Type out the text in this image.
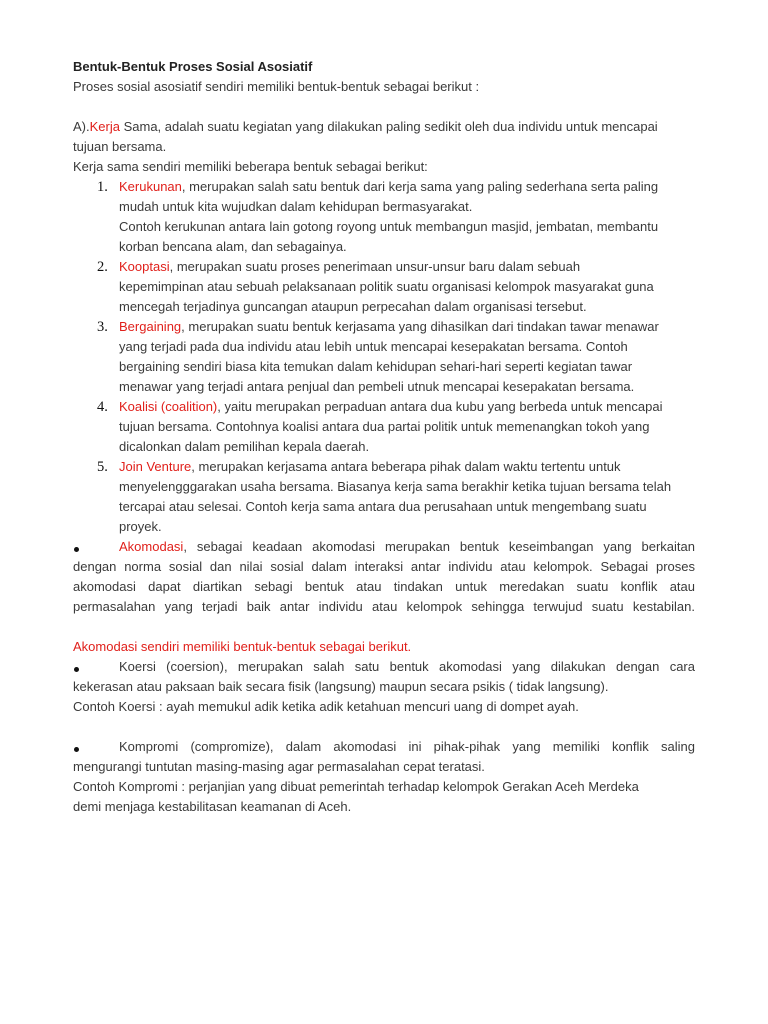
Bentuk-Bentuk Proses Sosial Asosiatif

Proses sosial asosiatif sendiri memiliki bentuk-bentuk sebagai berikut :

A).Kerja Sama, adalah suatu kegiatan yang dilakukan paling sedikit oleh dua individu untuk mencapai

tujuan bersama.

Kerja sama sendiri memiliki beberapa bentuk sebagai berikut:

1. Kerukunan, merupakan salah satu bentuk dari kerja sama yang paling sederhana serta paling

mudah untuk kita wujudkan dalam kehidupan bermasyarakat.

Contoh kerukunan antara lain gotong royong untuk membangun masjid, jembatan, membantu

korban bencana alam, dan sebagainya.

2. Kooptasi, merupakan suatu proses penerimaan unsur-unsur baru dalam sebuah

kepemimpinan atau sebuah pelaksanaan politik suatu organisasi kelompok masyarakat guna

mencegah terjadinya guncangan ataupun perpecahan dalam organisasi tersebut.

3. Bergaining, merupakan suatu bentuk kerjasama yang dihasilkan dari tindakan tawar menawar

yang terjadi pada dua individu atau lebih untuk mencapai kesepakatan bersama. Contoh

bergaining sendiri biasa kita temukan dalam kehidupan sehari-hari seperti kegiatan tawar

menawar yang terjadi antara penjual dan pembeli utnuk mencapai kesepakatan bersama.

4. Koalisi (coalition), yaitu merupakan perpaduan antara dua kubu yang berbeda untuk mencapai

tujuan bersama. Contohnya koalisi antara dua partai politik untuk memenangkan tokoh yang

dicalonkan dalam pemilihan kepala daerah.

5. Join Venture, merupakan kerjasama antara beberapa pihak dalam waktu tertentu untuk

menyelengggarakan usaha bersama. Biasanya kerja sama berakhir ketika tujuan bersama telah

tercapai atau selesai. Contoh kerja sama antara dua perusahaan untuk mengembang suatu

proyek.

Akomodasi, sebagai keadaan akomodasi merupakan bentuk keseimbangan yang berkaitan

dengan norma sosial dan nilai sosial dalam interaksi antar individu atau kelompok. Sebagai proses

akomodasi dapat diartikan sebagi bentuk atau tindakan untuk meredakan suatu konflik atau

permasalahan yang terjadi baik antar individu atau kelompok sehingga terwujud suatu kestabilan.

Akomodasi sendiri memiliki bentuk-bentuk sebagai berikut.

Koersi (coersion), merupakan salah satu bentuk akomodasi yang dilakukan dengan cara

kekerasan atau paksaan baik secara fisik (langsung) maupun secara psikis ( tidak langsung).

Contoh Koersi : ayah memukul adik ketika adik ketahuan mencuri uang di dompet ayah.

Kompromi (compromize), dalam akomodasi ini pihak-pihak yang memiliki konflik saling

mengurangi tuntutan masing-masing agar permasalahan cepat teratasi.

Contoh Kompromi : perjanjian yang dibuat pemerintah terhadap kelompok Gerakan Aceh Merdeka

demi menjaga kestabilitasan keamanan di Aceh.
